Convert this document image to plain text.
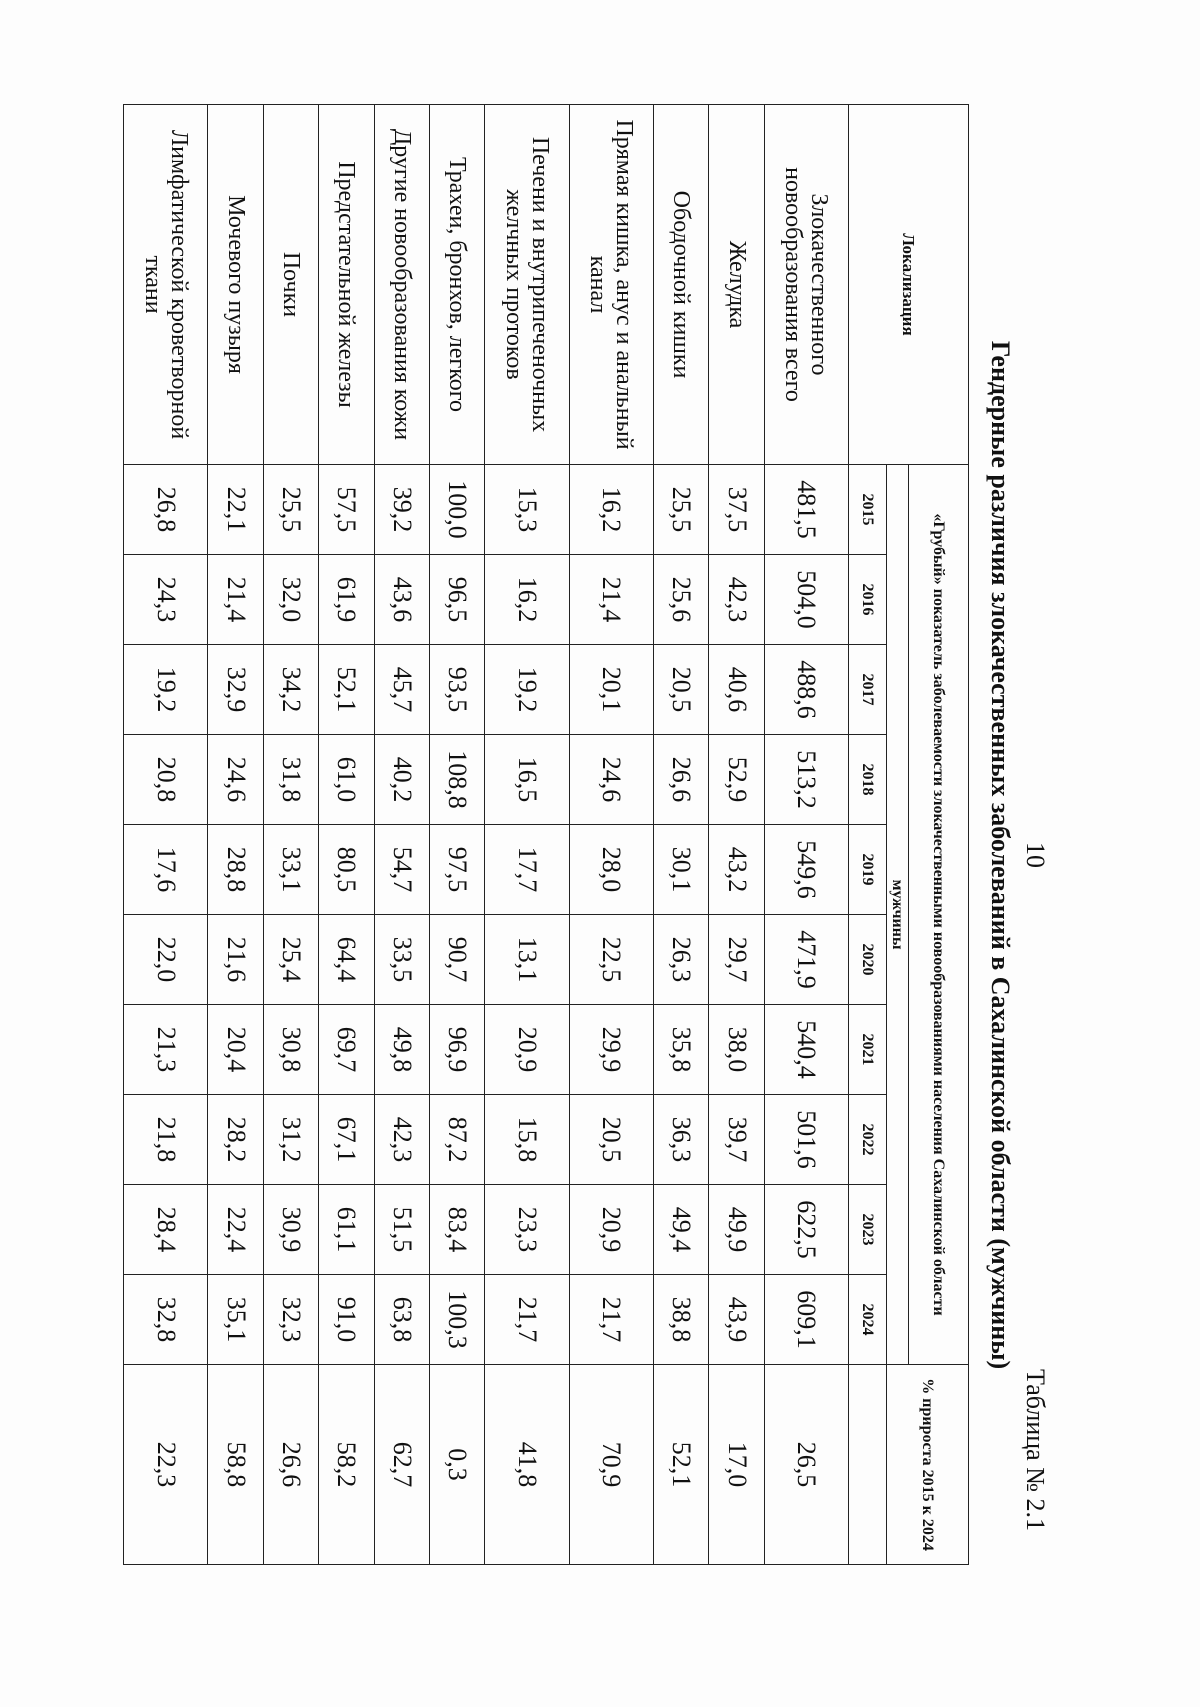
10
Таблица № 2.1
Гендерные различия злокачественных заболеваний в Сахалинской области (мужчины)
Локализация	«Грубый» показатель заболеваемости злокачественными новообразованиями населения Сахалинской области										% прироста 2015 к 2024
	мужчины										
	2015	2016	2017	2018	2019	2020	2021	2022	2023	2024	
Злокачественного новообразования всего	481,5	504,0	488,6	513,2	549,6	471,9	540,4	501,6	622,5	609,1	26,5
Желудка	37,5	42,3	40,6	52,9	43,2	29,7	38,0	39,7	49,9	43,9	17,0
Ободочной кишки	25,5	25,6	20,5	26,6	30,1	26,3	35,8	36,3	49,4	38,8	52,1
Прямая кишка, анус и анальный канал	16,2	21,4	20,1	24,6	28,0	22,5	29,9	20,5	20,9	21,7	70,9
Печени и внутрипеченочных желчных протоков	15,3	16,2	19,2	16,5	17,7	13,1	20,9	15,8	23,3	21,7	41,8
Трахеи, бронхов, легкого	100,0	96,5	93,5	108,8	97,5	90,7	96,9	87,2	83,4	100,3	0,3
Другие новообразования кожи	39,2	43,6	45,7	40,2	54,7	33,5	49,8	42,3	51,5	63,8	62,7
Предстательной железы	57,5	61,9	52,1	61,0	80,5	64,4	69,7	67,1	61,1	91,0	58,2
Почки	25,5	32,0	34,2	31,8	33,1	25,4	30,8	31,2	30,9	32,3	26,6
Мочевого пузыря	22,1	21,4	32,9	24,6	28,8	21,6	20,4	28,2	22,4	35,1	58,8
Лимфатической кроветворной ткани	26,8	24,3	19,2	20,8	17,6	22,0	21,3	21,8	28,4	32,8	22,3
